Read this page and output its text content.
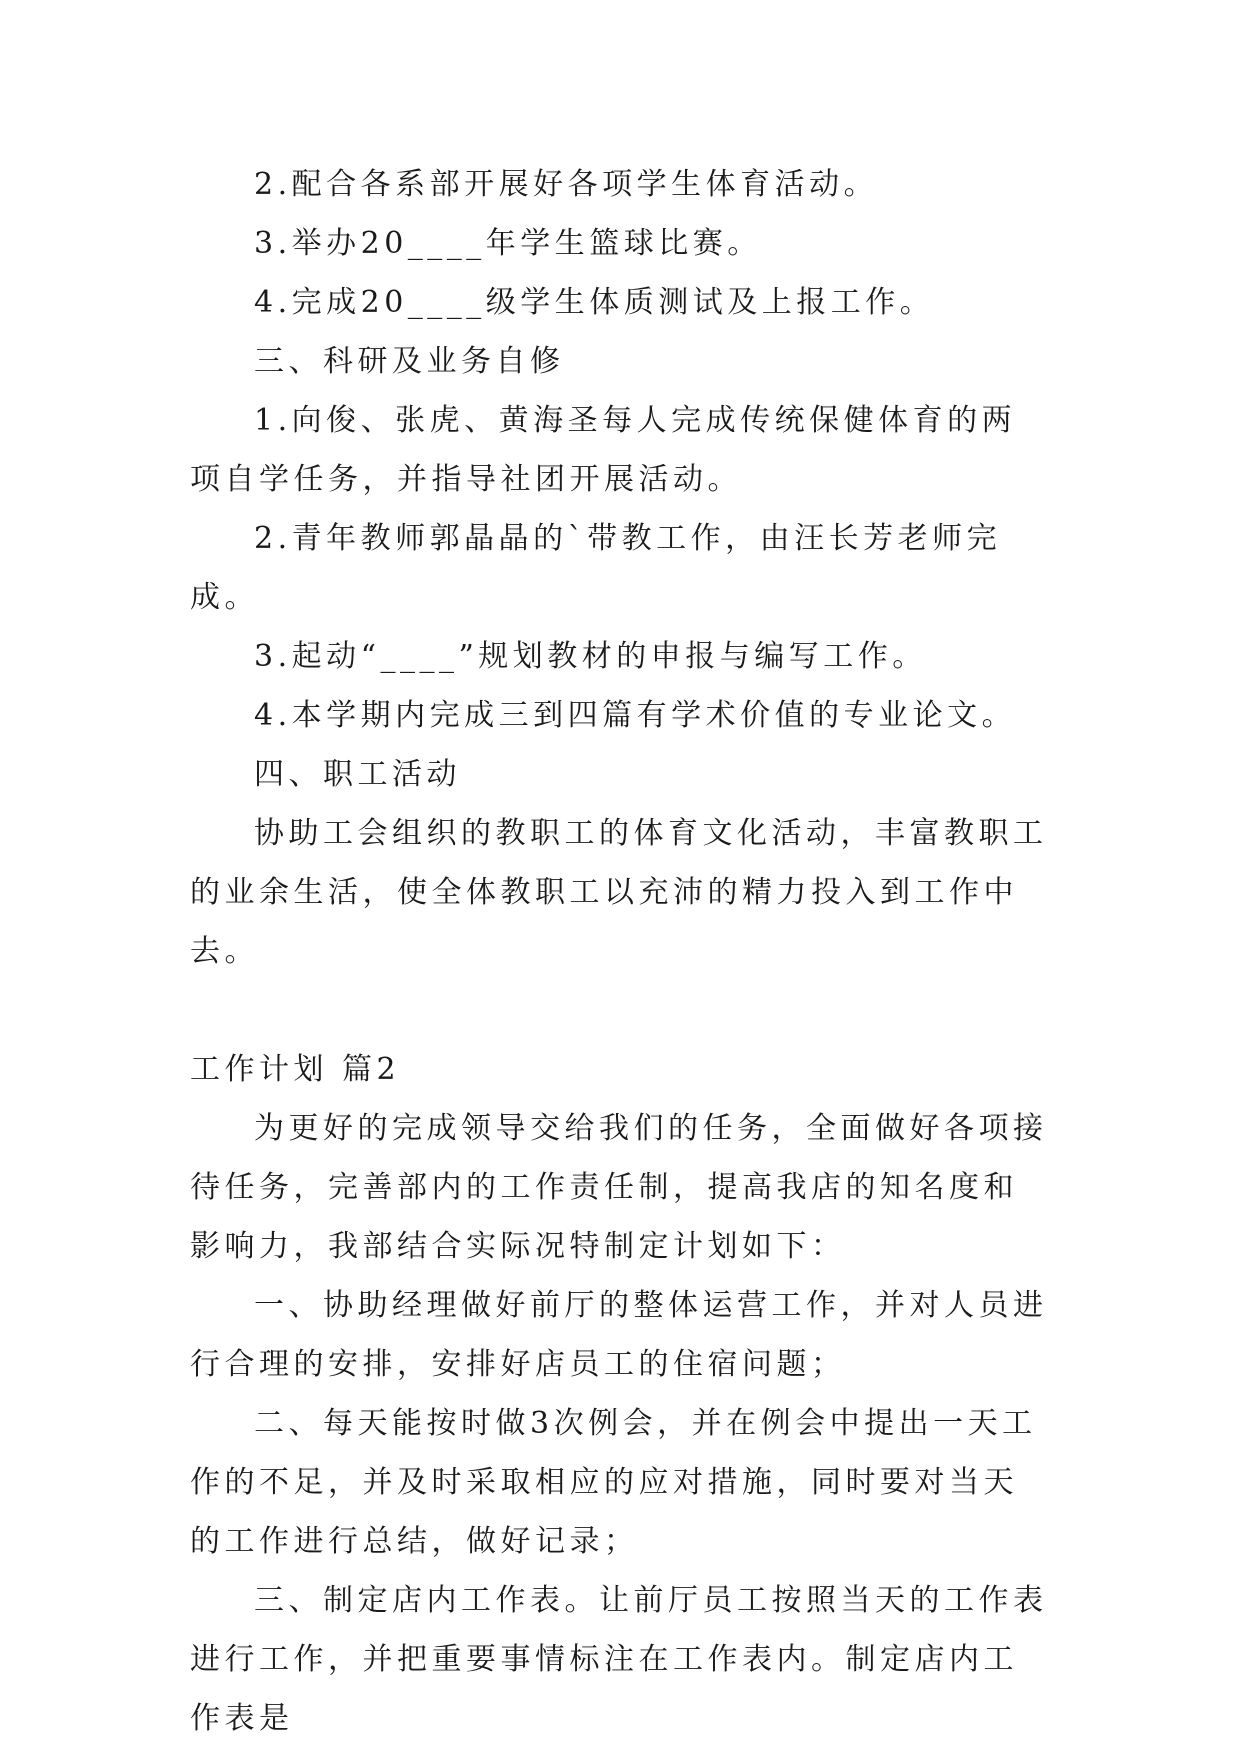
2.配合各系部开展好各项学生体育活动。

3.举办20____年学生篮球比赛。

4.完成20____级学生体质测试及上报工作。

三、科研及业务自修

1.向俊、张虎、黄海圣每人完成传统保健体育的两项自学任务，并指导社团开展活动。

2.青年教师郭晶晶的`带教工作，由汪长芳老师完成。

3.起动“____”规划教材的申报与编写工作。

4.本学期内完成三到四篇有学术价值的专业论文。

四、职工活动

协助工会组织的教职工的体育文化活动，丰富教职工的业余生活，使全体教职工以充沛的精力投入到工作中去。

工作计划 篇2

为更好的完成领导交给我们的任务，全面做好各项接待任务，完善部内的工作责任制，提高我店的知名度和影响力，我部结合实际况特制定计划如下：

一、协助经理做好前厅的整体运营工作，并对人员进行合理的安排，安排好店员工的住宿问题；

二、每天能按时做3次例会，并在例会中提出一天工作的不足，并及时采取相应的应对措施，同时要对当天的工作进行总结，做好记录；

三、制定店内工作表。让前厅员工按照当天的工作表进行工作，并把重要事情标注在工作表内。制定店内工作表是
